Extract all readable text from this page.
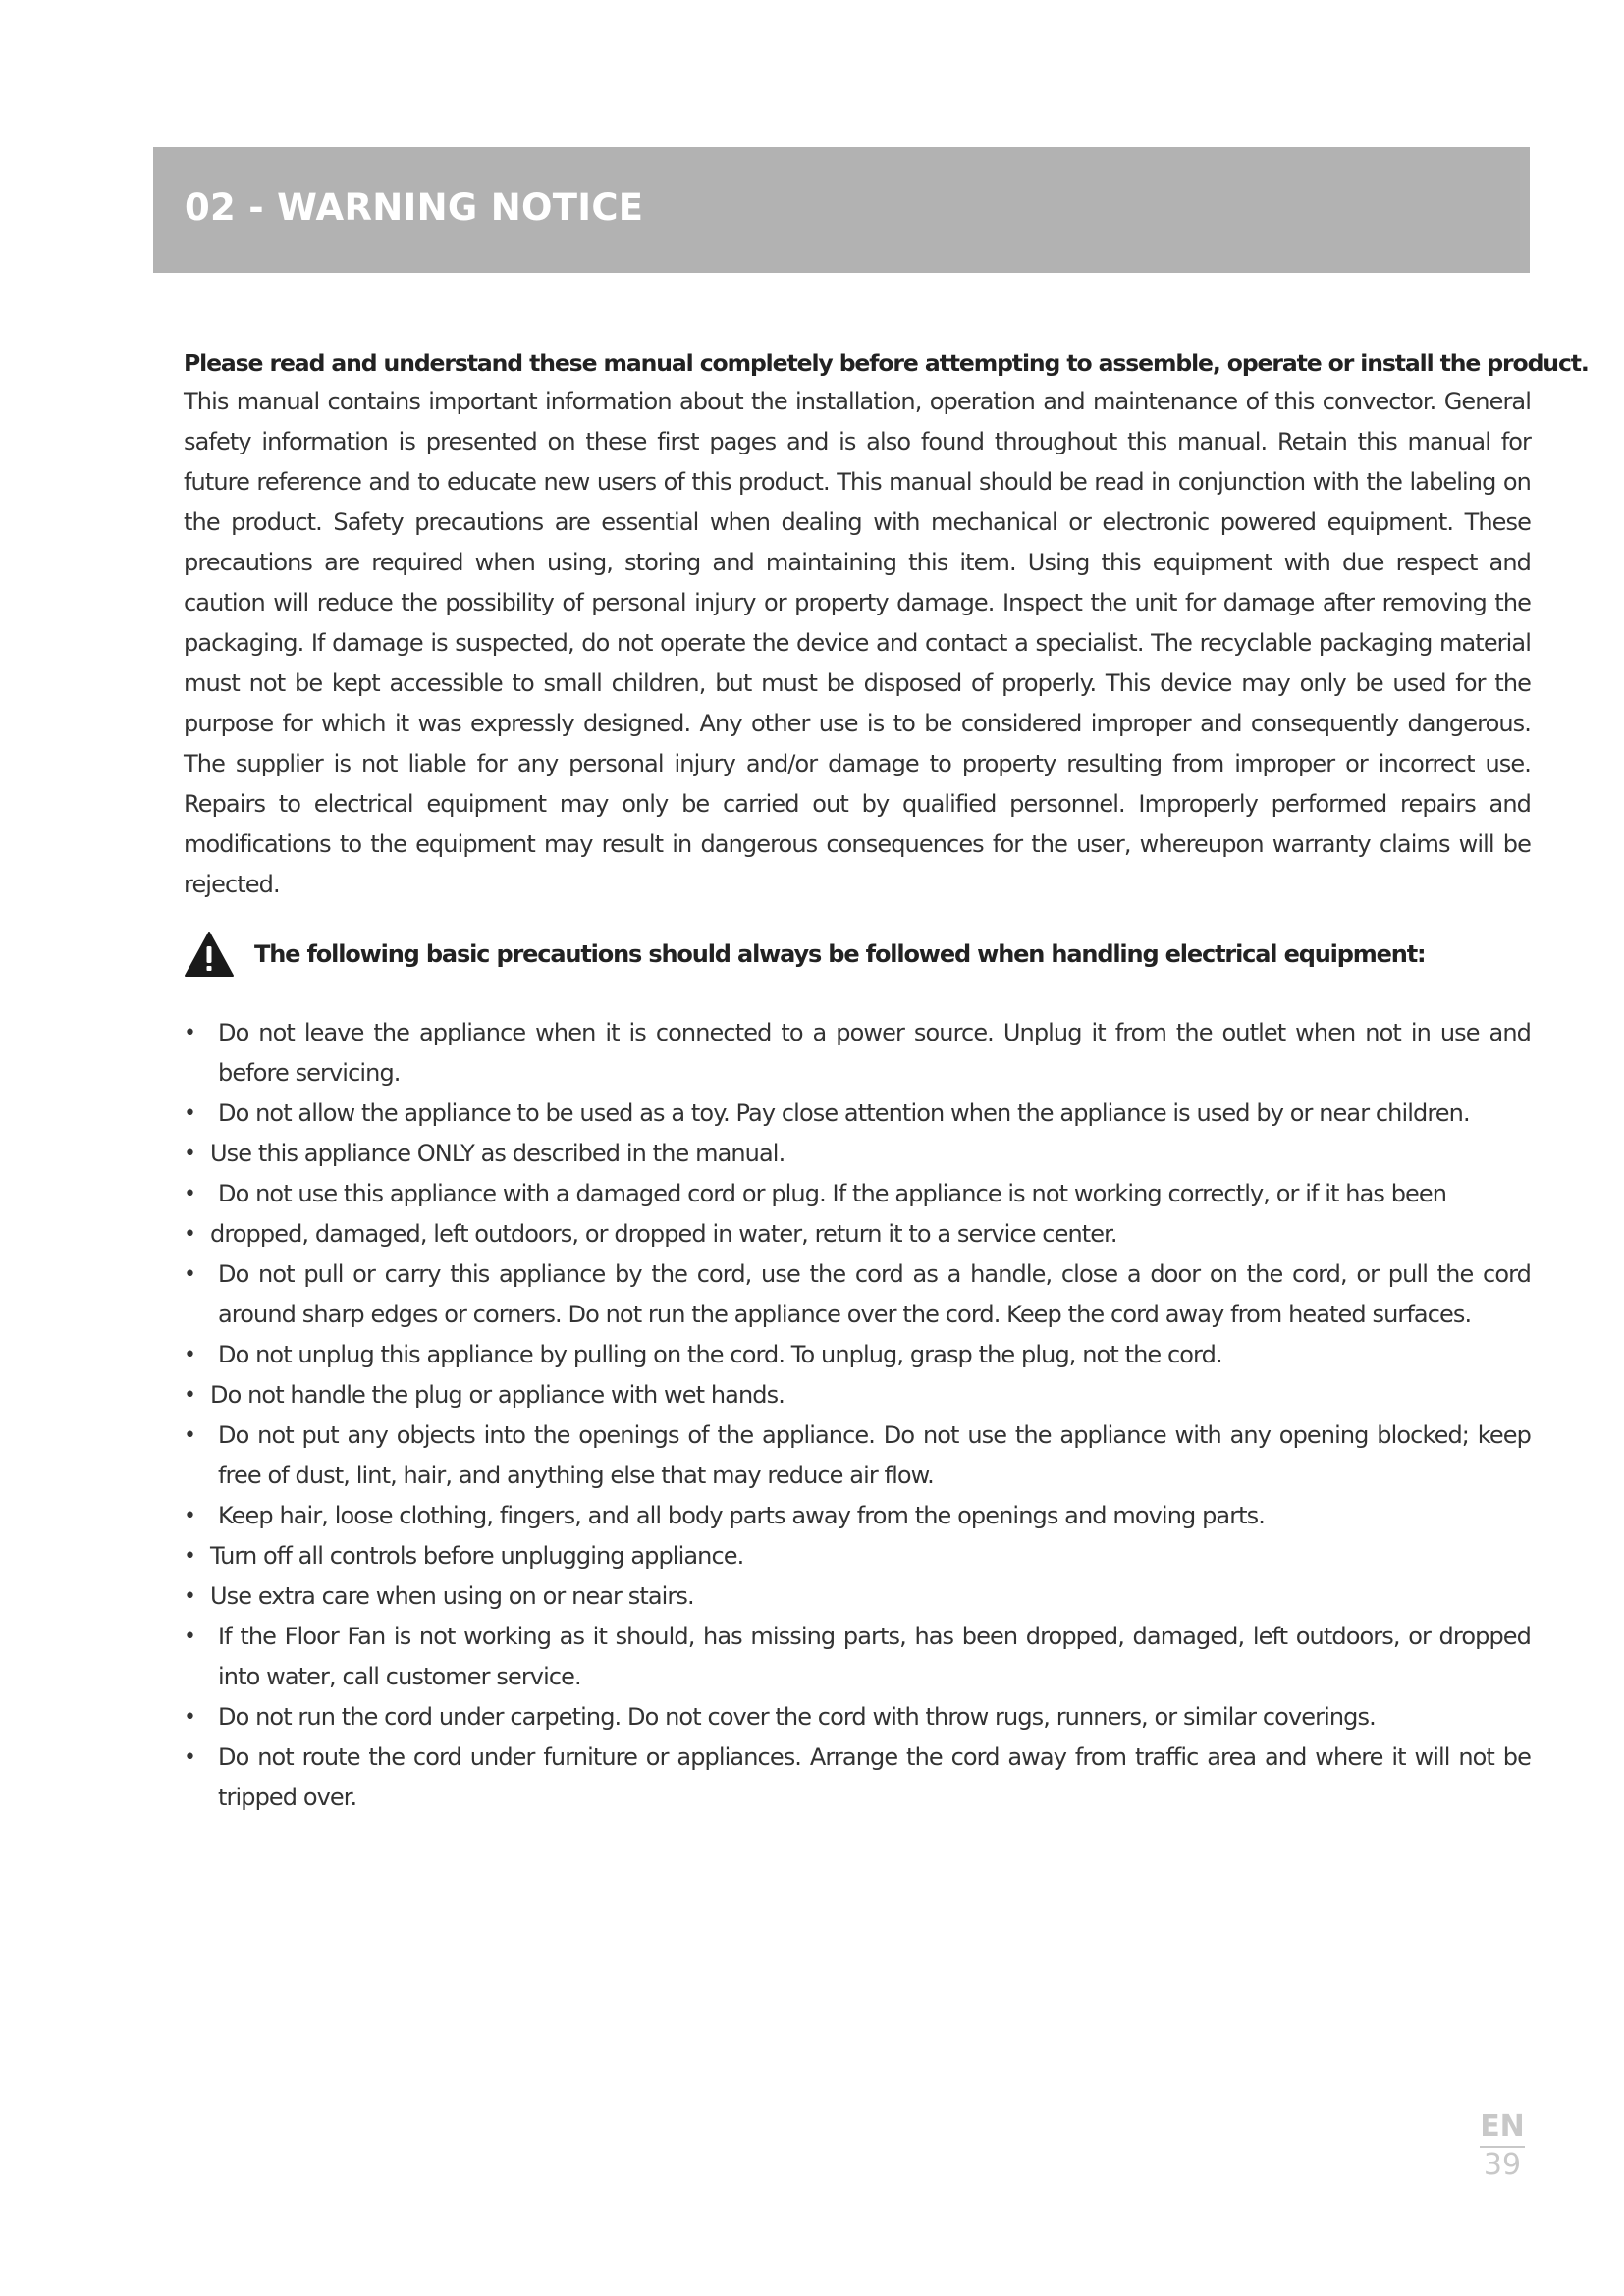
02 - WARNING NOTICE

Please read and understand these manual completely before attempting to assemble, operate or install the product.

This manual contains important information about the installation, operation and maintenance of this convector. General safety information is presented on these first pages and is also found throughout this manual. Retain this manual for future reference and to educate new users of this product. This manual should be read in conjunction with the labeling on the product. Safety precautions are essential when dealing with mechanical or electronic powered equipment. These precautions are required when using, storing and maintaining this item. Using this equipment with due respect and caution will reduce the possibility of personal injury or property damage. Inspect the unit for damage after removing the packaging. If damage is suspected, do not operate the device and contact a specialist. The recyclable packaging material must not be kept accessible to small children, but must be disposed of properly. This device may only be used for the purpose for which it was expressly designed. Any other use is to be considered improper and consequently dangerous. The supplier is not liable for any personal injury and/or damage to property resulting from improper or incorrect use. Repairs to electrical equipment may only be carried out by qualified personnel. Improperly performed repairs and modifications to the equipment may result in dangerous consequences for the user, whereupon warranty claims will be rejected.

The following basic precautions should always be followed when handling electrical equipment:
• Do not leave the appliance when it is connected to a power source. Unplug it from the outlet when not in use and before servicing.
• Do not allow the appliance to be used as a toy. Pay close attention when the appliance is used by or near children.
• Use this appliance ONLY as described in the manual.
• Do not use this appliance with a damaged cord or plug. If the appliance is not working correctly, or if it has been
• dropped, damaged, left outdoors, or dropped in water, return it to a service center.
• Do not pull or carry this appliance by the cord, use the cord as a handle, close a door on the cord, or pull the cord around sharp edges or corners. Do not run the appliance over the cord. Keep the cord away from heated surfaces.
• Do not unplug this appliance by pulling on the cord. To unplug, grasp the plug, not the cord.
• Do not handle the plug or appliance with wet hands.
• Do not put any objects into the openings of the appliance. Do not use the appliance with any opening blocked; keep free of dust, lint, hair, and anything else that may reduce air flow.
• Keep hair, loose clothing, fingers, and all body parts away from the openings and moving parts.
• Turn off all controls before unplugging appliance.
• Use extra care when using on or near stairs.
• If the Floor Fan is not working as it should, has missing parts, has been dropped, damaged, left outdoors, or dropped into water, call customer service.
• Do not run the cord under carpeting. Do not cover the cord with throw rugs, runners, or similar coverings.
• Do not route the cord under furniture or appliances. Arrange the cord away from traffic area and where it will not be tripped over.
EN
39
